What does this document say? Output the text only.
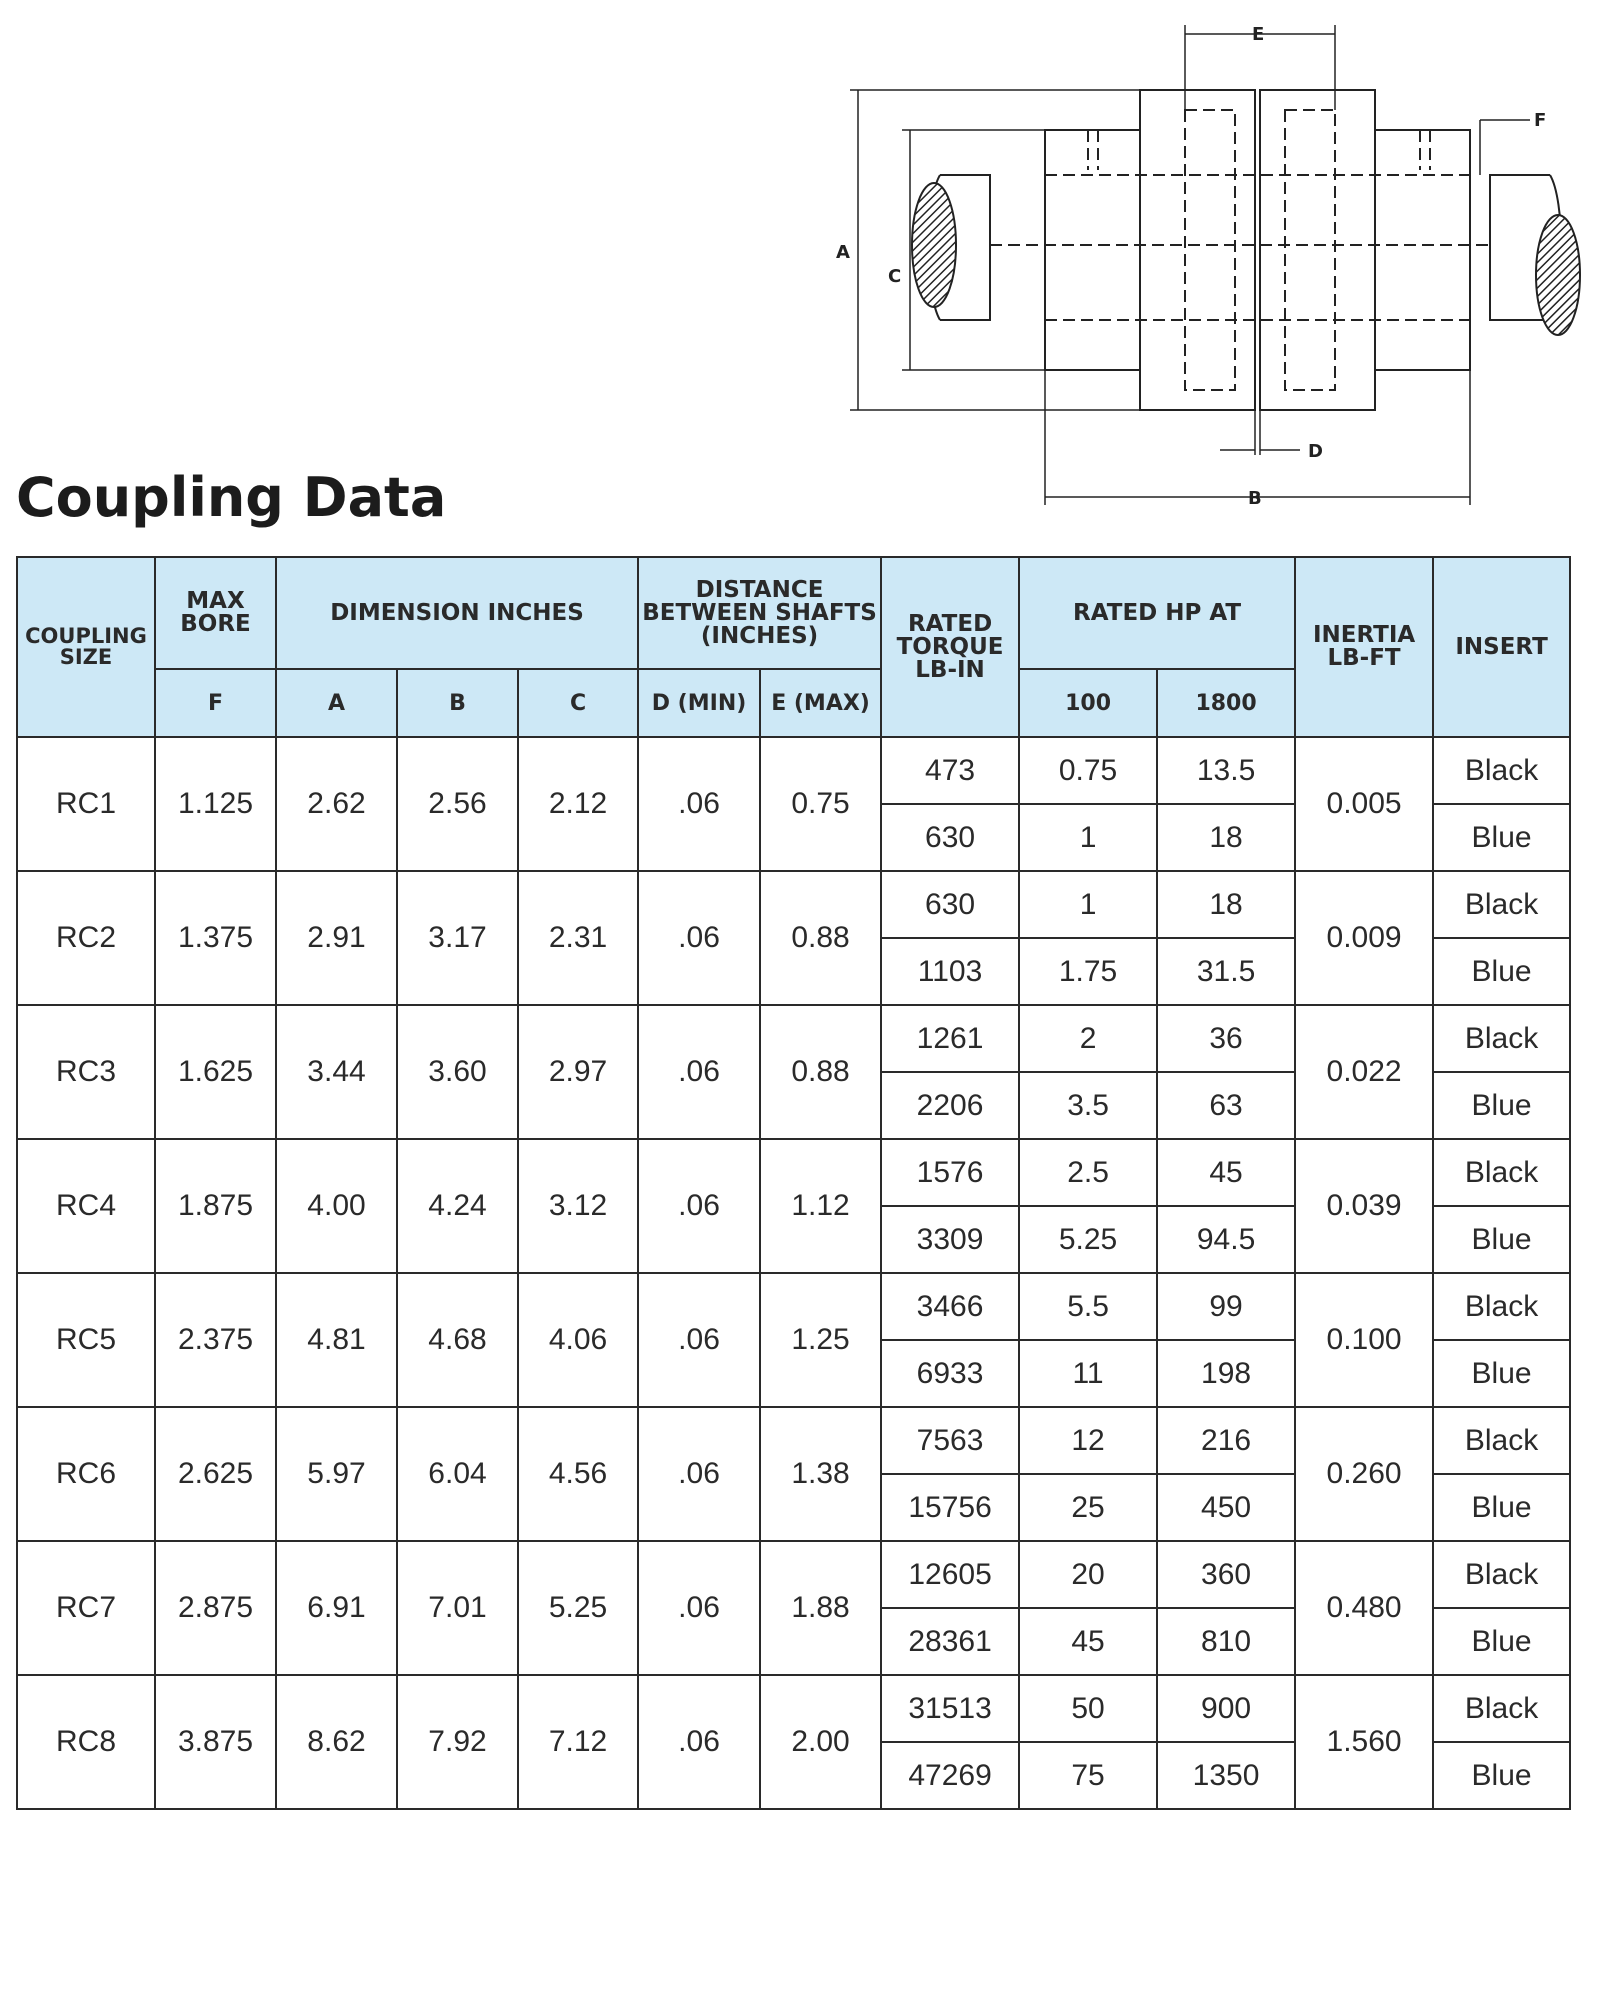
A
C
E
F
D
B
Coupling Data
COUPLING SIZE	MAX BORE	DIMENSION INCHES			DISTANCE BETWEEN SHAFTS (INCHES)		RATED TORQUE LB-IN	RATED HP AT		INERTIA LB-FT	INSERT
	F	A	B	C	D (MIN)	E (MAX)		100	1800		
RC1	1.125	2.62	2.56	2.12	.06	0.75	473	0.75	13.5	0.005	Black
							630	1	18		Blue
RC2	1.375	2.91	3.17	2.31	.06	0.88	630	1	18	0.009	Black
							1103	1.75	31.5		Blue
RC3	1.625	3.44	3.60	2.97	.06	0.88	1261	2	36	0.022	Black
							2206	3.5	63		Blue
RC4	1.875	4.00	4.24	3.12	.06	1.12	1576	2.5	45	0.039	Black
							3309	5.25	94.5		Blue
RC5	2.375	4.81	4.68	4.06	.06	1.25	3466	5.5	99	0.100	Black
							6933	11	198		Blue
RC6	2.625	5.97	6.04	4.56	.06	1.38	7563	12	216	0.260	Black
							15756	25	450		Blue
RC7	2.875	6.91	7.01	5.25	.06	1.88	12605	20	360	0.480	Black
							28361	45	810		Blue
RC8	3.875	8.62	7.92	7.12	.06	2.00	31513	50	900	1.560	Black
							47269	75	1350		Blue
